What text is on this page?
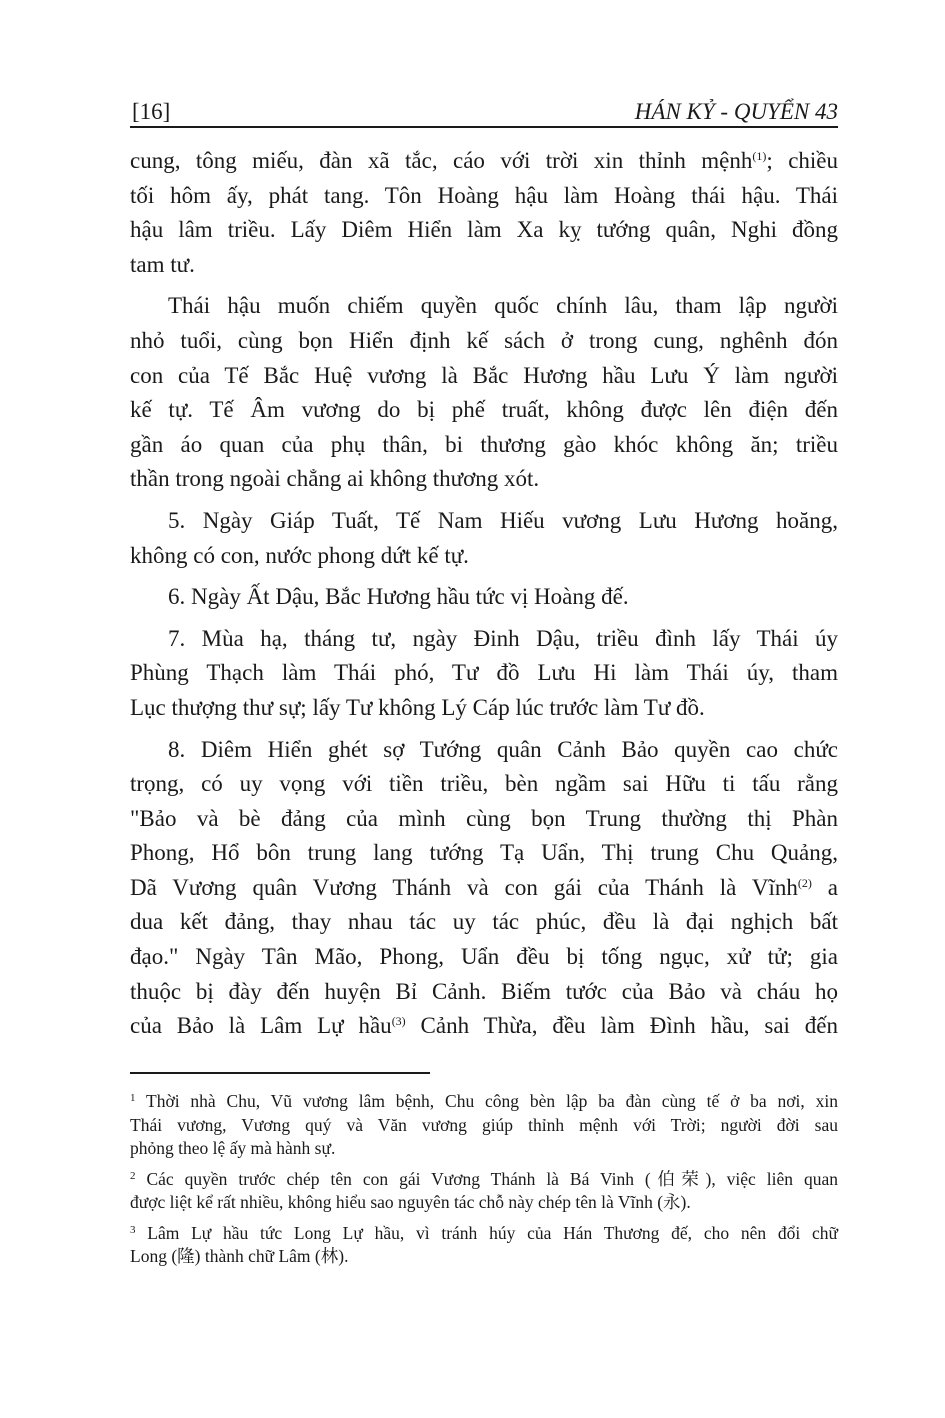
[16]	HÁN KỶ - QUYỂN 43
cung, tông miếu, đàn xã tắc, cáo với trời xin thỉnh mệnh$^{(1)}$; chiều
tối hôm ấy, phát tang. Tôn Hoàng hậu làm Hoàng thái hậu. Thái
hậu lâm triều. Lấy Diêm Hiển làm Xa kỵ tướng quân, Nghi đồng
tam tư.
Thái hậu muốn chiếm quyền quốc chính lâu, tham lập người
nhỏ tuổi, cùng bọn Hiển định kế sách ở trong cung, nghênh đón
con của Tế Bắc Huệ vương là Bắc Hương hầu Lưu Ý làm người
kế tự. Tế Âm vương do bị phế truất, không được lên điện đến
gần áo quan của phụ thân, bi thương gào khóc không ăn; triều
thần trong ngoài chẳng ai không thương xót.
5. Ngày Giáp Tuất, Tế Nam Hiếu vương Lưu Hương hoăng,
không có con, nước phong dứt kế tự.
6. Ngày Ất Dậu, Bắc Hương hầu tức vị Hoàng đế.
7. Mùa hạ, tháng tư, ngày Đinh Dậu, triều đình lấy Thái úy
Phùng Thạch làm Thái phó, Tư đồ Lưu Hi làm Thái úy, tham
Lục thượng thư sự; lấy Tư không Lý Cáp lúc trước làm Tư đồ.
8. Diêm Hiển ghét sợ Tướng quân Cảnh Bảo quyền cao chức
trọng, có uy vọng với tiền triều, bèn ngầm sai Hữu ti tấu rằng
"Bảo và bè đảng của mình cùng bọn Trung thường thị Phàn
Phong, Hổ bôn trung lang tướng Tạ Uẩn, Thị trung Chu Quảng,
Dã Vương quân Vương Thánh và con gái của Thánh là Vĩnh$^{(2)}$ a
dua kết đảng, thay nhau tác uy tác phúc, đều là đại nghịch bất
đạo." Ngày Tân Mão, Phong, Uẩn đều bị tống ngục, xử tử; gia
thuộc bị đày đến huyện Bỉ Cảnh. Biếm tước của Bảo và cháu họ
của Bảo là Lâm Lự hầu$^{(3)}$ Cảnh Thừa, đều làm Đình hầu, sai đến
$^1$ Thời nhà Chu, Vũ vương lâm bệnh, Chu công bèn lập ba đàn cùng tế ở ba nơi, xin
Thái vương, Vương quý và Văn vương giúp thỉnh mệnh với Trời; người đời sau
phỏng theo lệ ấy mà hành sự.
$^2$ Các quyền trước chép tên con gái Vương Thánh là Bá Vinh (伯荣), việc liên quan
được liệt kể rất nhiều, không hiểu sao nguyên tác chỗ này chép tên là Vĩnh (永).
$^3$ Lâm Lự hầu tức Long Lự hầu, vì tránh húy của Hán Thương đế, cho nên đổi chữ
Long (隆) thành chữ Lâm (林).
